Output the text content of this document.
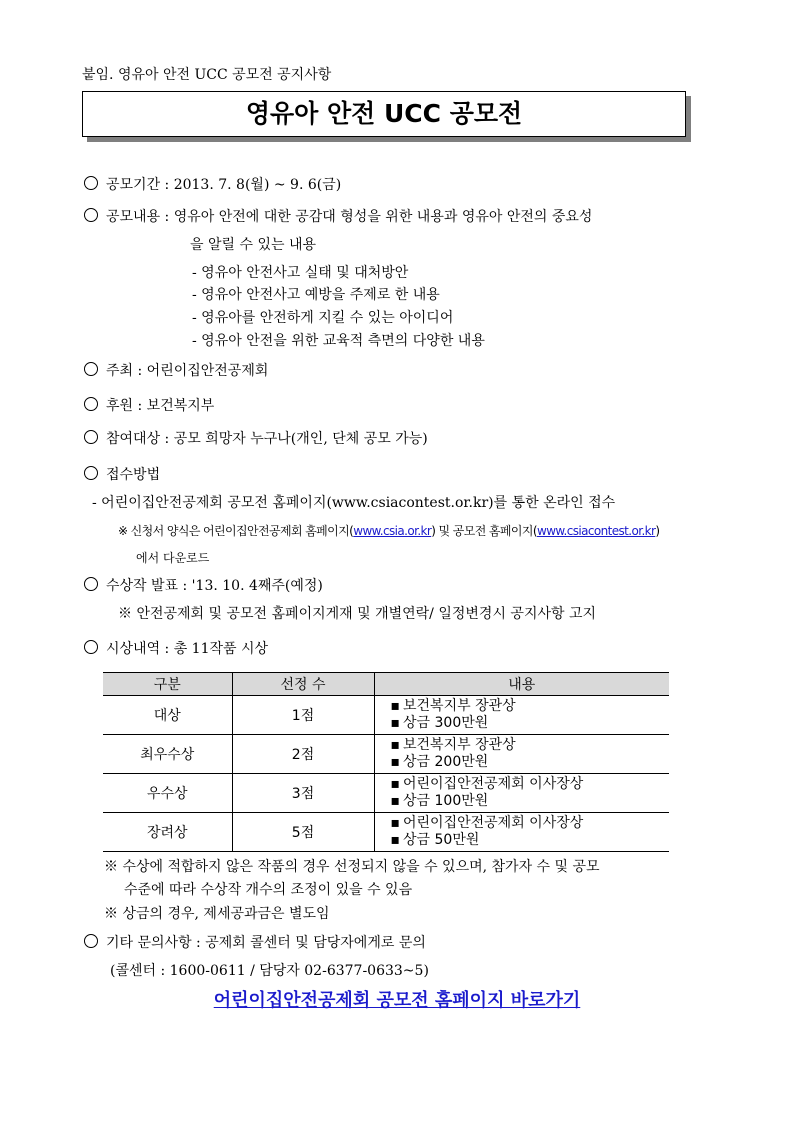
붙임. 영유아 안전 UCC 공모전 공지사항
영유아 안전 UCC 공모전
공모기간 : 2013. 7. 8(월) ~ 9. 6(금)
공모내용 : 영유아 안전에 대한 공감대 형성을 위한 내용과 영유아 안전의 중요성
을 알릴 수 있는 내용
- 영유아 안전사고 실태 및 대처방안
- 영유아 안전사고 예방을 주제로 한 내용
- 영유아를 안전하게 지킬 수 있는 아이디어
- 영유아 안전을 위한 교육적 측면의 다양한 내용
주최 : 어린이집안전공제회
후원 : 보건복지부
참여대상 : 공모 희망자 누구나(개인, 단체 공모 가능)
접수방법
- 어린이집안전공제회 공모전 홈페이지(www.csiacontest.or.kr)를 통한 온라인 접수
※ 신청서 양식은 어린이집안전공제회 홈페이지(www.csia.or.kr) 및 공모전 홈페이지(www.csiacontest.or.kr)
에서 다운로드
수상작 발표 : '13. 10. 4째주(예정)
※ 안전공제회 및 공모전 홈페이지게재 및 개별연락/ 일정변경시 공지사항 고지
시상내역 : 총 11작품 시상
구분	선정 수	내용
대상	1점	▪ 보건복지부 장관상
▪ 상금 300만원

최우수상	2점	▪ 보건복지부 장관상
▪ 상금 200만원

우수상	3점	▪ 어린이집안전공제회 이사장상
▪ 상금 100만원

장려상	5점	▪ 어린이집안전공제회 이사장상
▪ 상금 50만원
※ 수상에 적합하지 않은 작품의 경우 선정되지 않을 수 있으며, 참가자 수 및 공모
수준에 따라 수상작 개수의 조정이 있을 수 있음
※ 상금의 경우, 제세공과금은 별도임
기타 문의사항 : 공제회 콜센터 및 담당자에게로 문의
(콜센터 : 1600-0611 / 담당자 02-6377-0633~5)
어린이집안전공제회 공모전 홈페이지 바로가기
